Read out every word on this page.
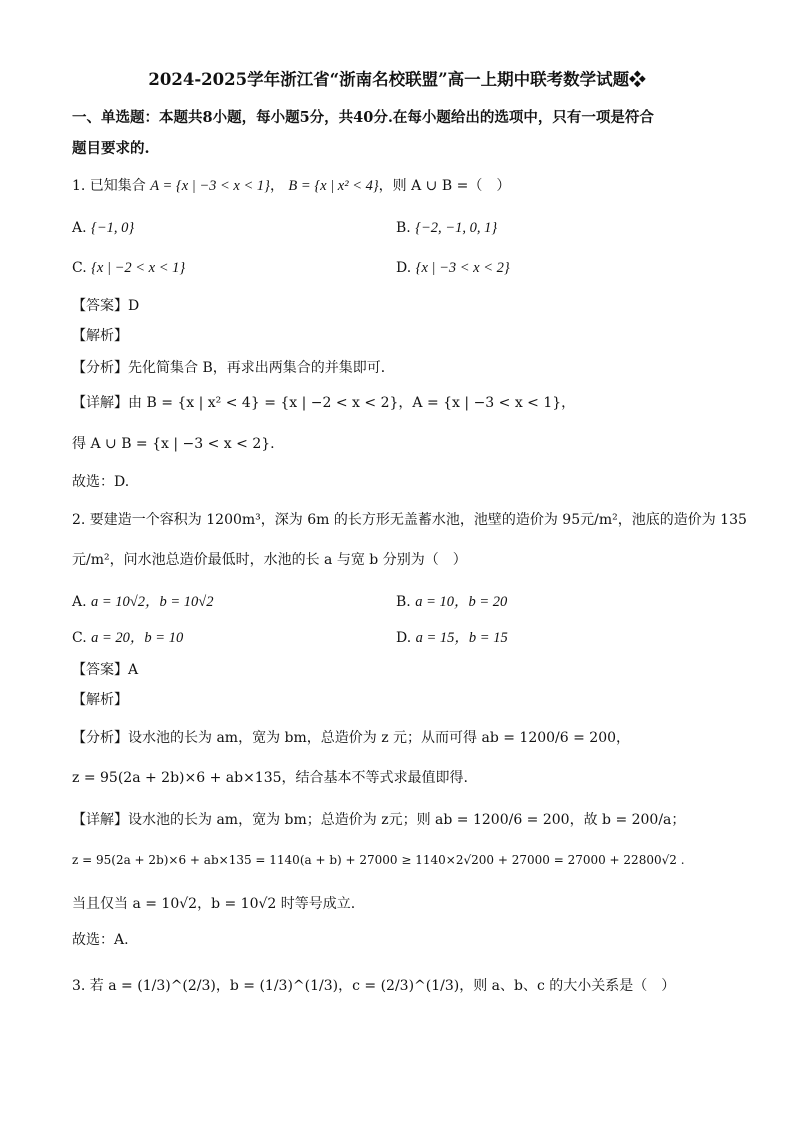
2024-2025学年浙江省“浙南名校联盟”高一上期中联考数学试题❖
一、单选题：本题共8小题，每小题5分，共40分.在每小题给出的选项中，只有一项是符合
题目要求的.
1. 已知集合 A = {x | −3 < x < 1}， B = {x | x² < 4}，则 A ∪ B =（　）
A. {−1, 0}	B. {−2, −1, 0, 1}
C. {x | −2 < x < 1}	D. {x | −3 < x < 2}
【答案】D
【解析】
【分析】先化简集合 B，再求出两集合的并集即可．
【详解】由 B = {x | x² < 4} = {x | −2 < x < 2}，A = {x | −3 < x < 1}，
得 A ∪ B = {x | −3 < x < 2}.
故选：D.
2. 要建造一个容积为 1200m³，深为 6m 的长方形无盖蓄水池，池壁的造价为 95元/m²，池底的造价为 135
元/m²，问水池总造价最低时，水池的长 a 与宽 b 分别为（　）
A. a = 10√2，b = 10√2	B. a = 10，b = 20
C. a = 20，b = 10	D. a = 15，b = 15
【答案】A
【解析】
【分析】设水池的长为 am，宽为 bm，总造价为 z 元；从而可得 ab = 1200/6 = 200，
z = 95(2a + 2b)×6 + ab×135，结合基本不等式求最值即得.
【详解】设水池的长为 am，宽为 bm；总造价为 z元；则 ab = 1200/6 = 200，故 b = 200/a；
z = 95(2a + 2b)×6 + ab×135 = 1140(a + b) + 27000 ≥ 1140×2√200 + 27000 = 27000 + 22800√2 .
当且仅当 a = 10√2，b = 10√2 时等号成立.
故选：A.
3. 若 a = (1/3)^(2/3)，b = (1/3)^(1/3)，c = (2/3)^(1/3)，则 a、b、c 的大小关系是（　）
